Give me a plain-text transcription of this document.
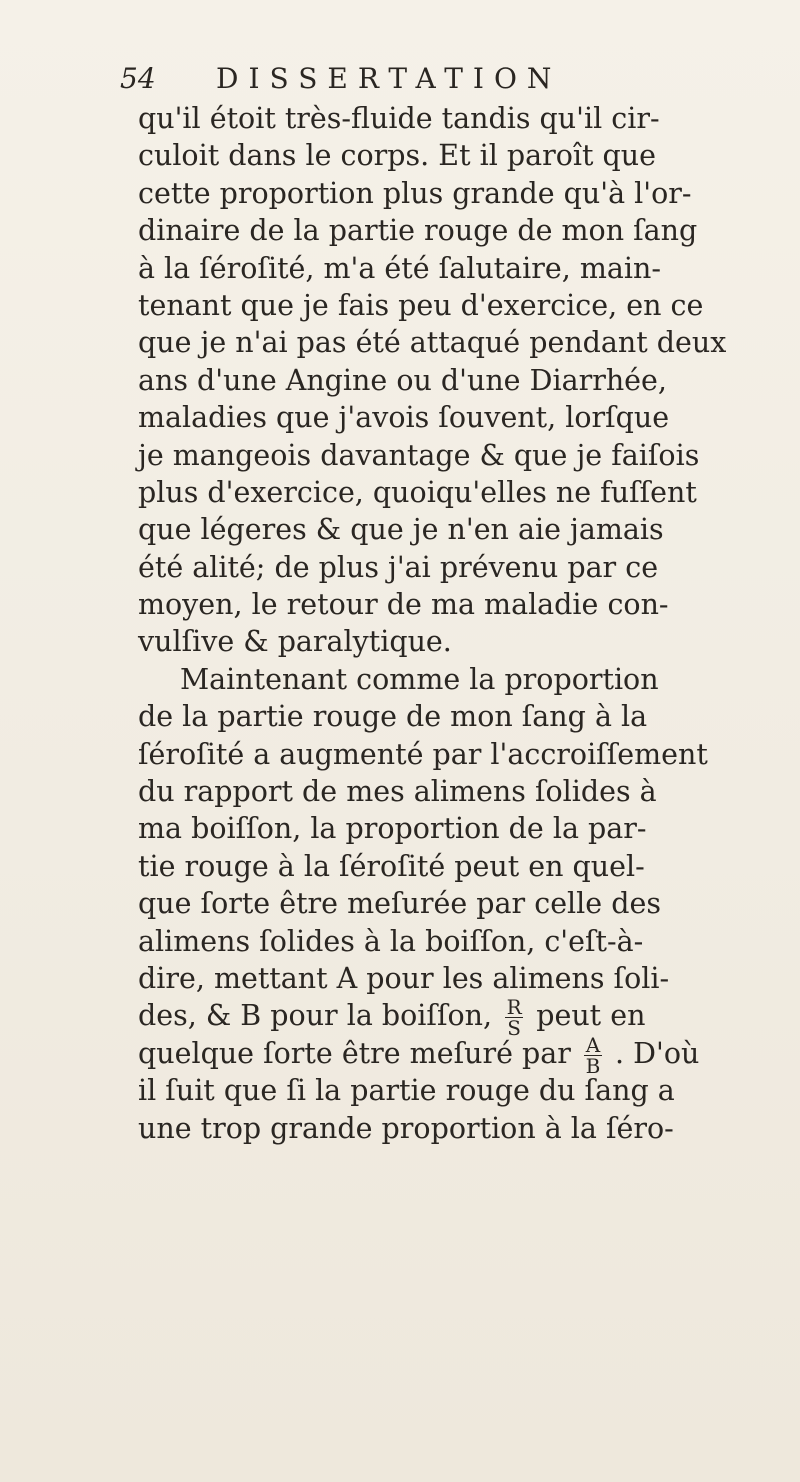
54 DISSERTATION
qu'il étoit très-fluide tandis qu'il cir-
culoit dans le corps. Et il paroît que
cette proportion plus grande qu'à l'or-
dinaire de la partie rouge de mon ſang
à la ſéroſité, m'a été ſalutaire, main-
tenant que je fais peu d'exercice, en ce
que je n'ai pas été attaqué pendant deux
ans d'une Angine ou d'une Diarrhée,
maladies que j'avois ſouvent, lorſque
je mangeois davantage & que je faiſois
plus d'exercice, quoiqu'elles ne fuſſent
que légeres & que je n'en aie jamais
été alité; de plus j'ai prévenu par ce
moyen, le retour de ma maladie con-
vulſive & paralytique.
Maintenant comme la proportion
de la partie rouge de mon ſang à la
ſéroſité a augmenté par l'accroiſſement
du rapport de mes alimens ſolides à
ma boiſſon, la proportion de la par-
tie rouge à la ſéroſité peut en quel-
que ſorte être meſurée par celle des
alimens ſolides à la boiſſon, c'eſt-à-
dire, mettant A pour les alimens ſoli-
des, & B pour la boiſſon, $\frac{R}{S}$ peut en
quelque ſorte être meſuré par $\frac{A}{B}$ . D'où
il ſuit que ſi la partie rouge du ſang a
une trop grande proportion à la ſéro-
